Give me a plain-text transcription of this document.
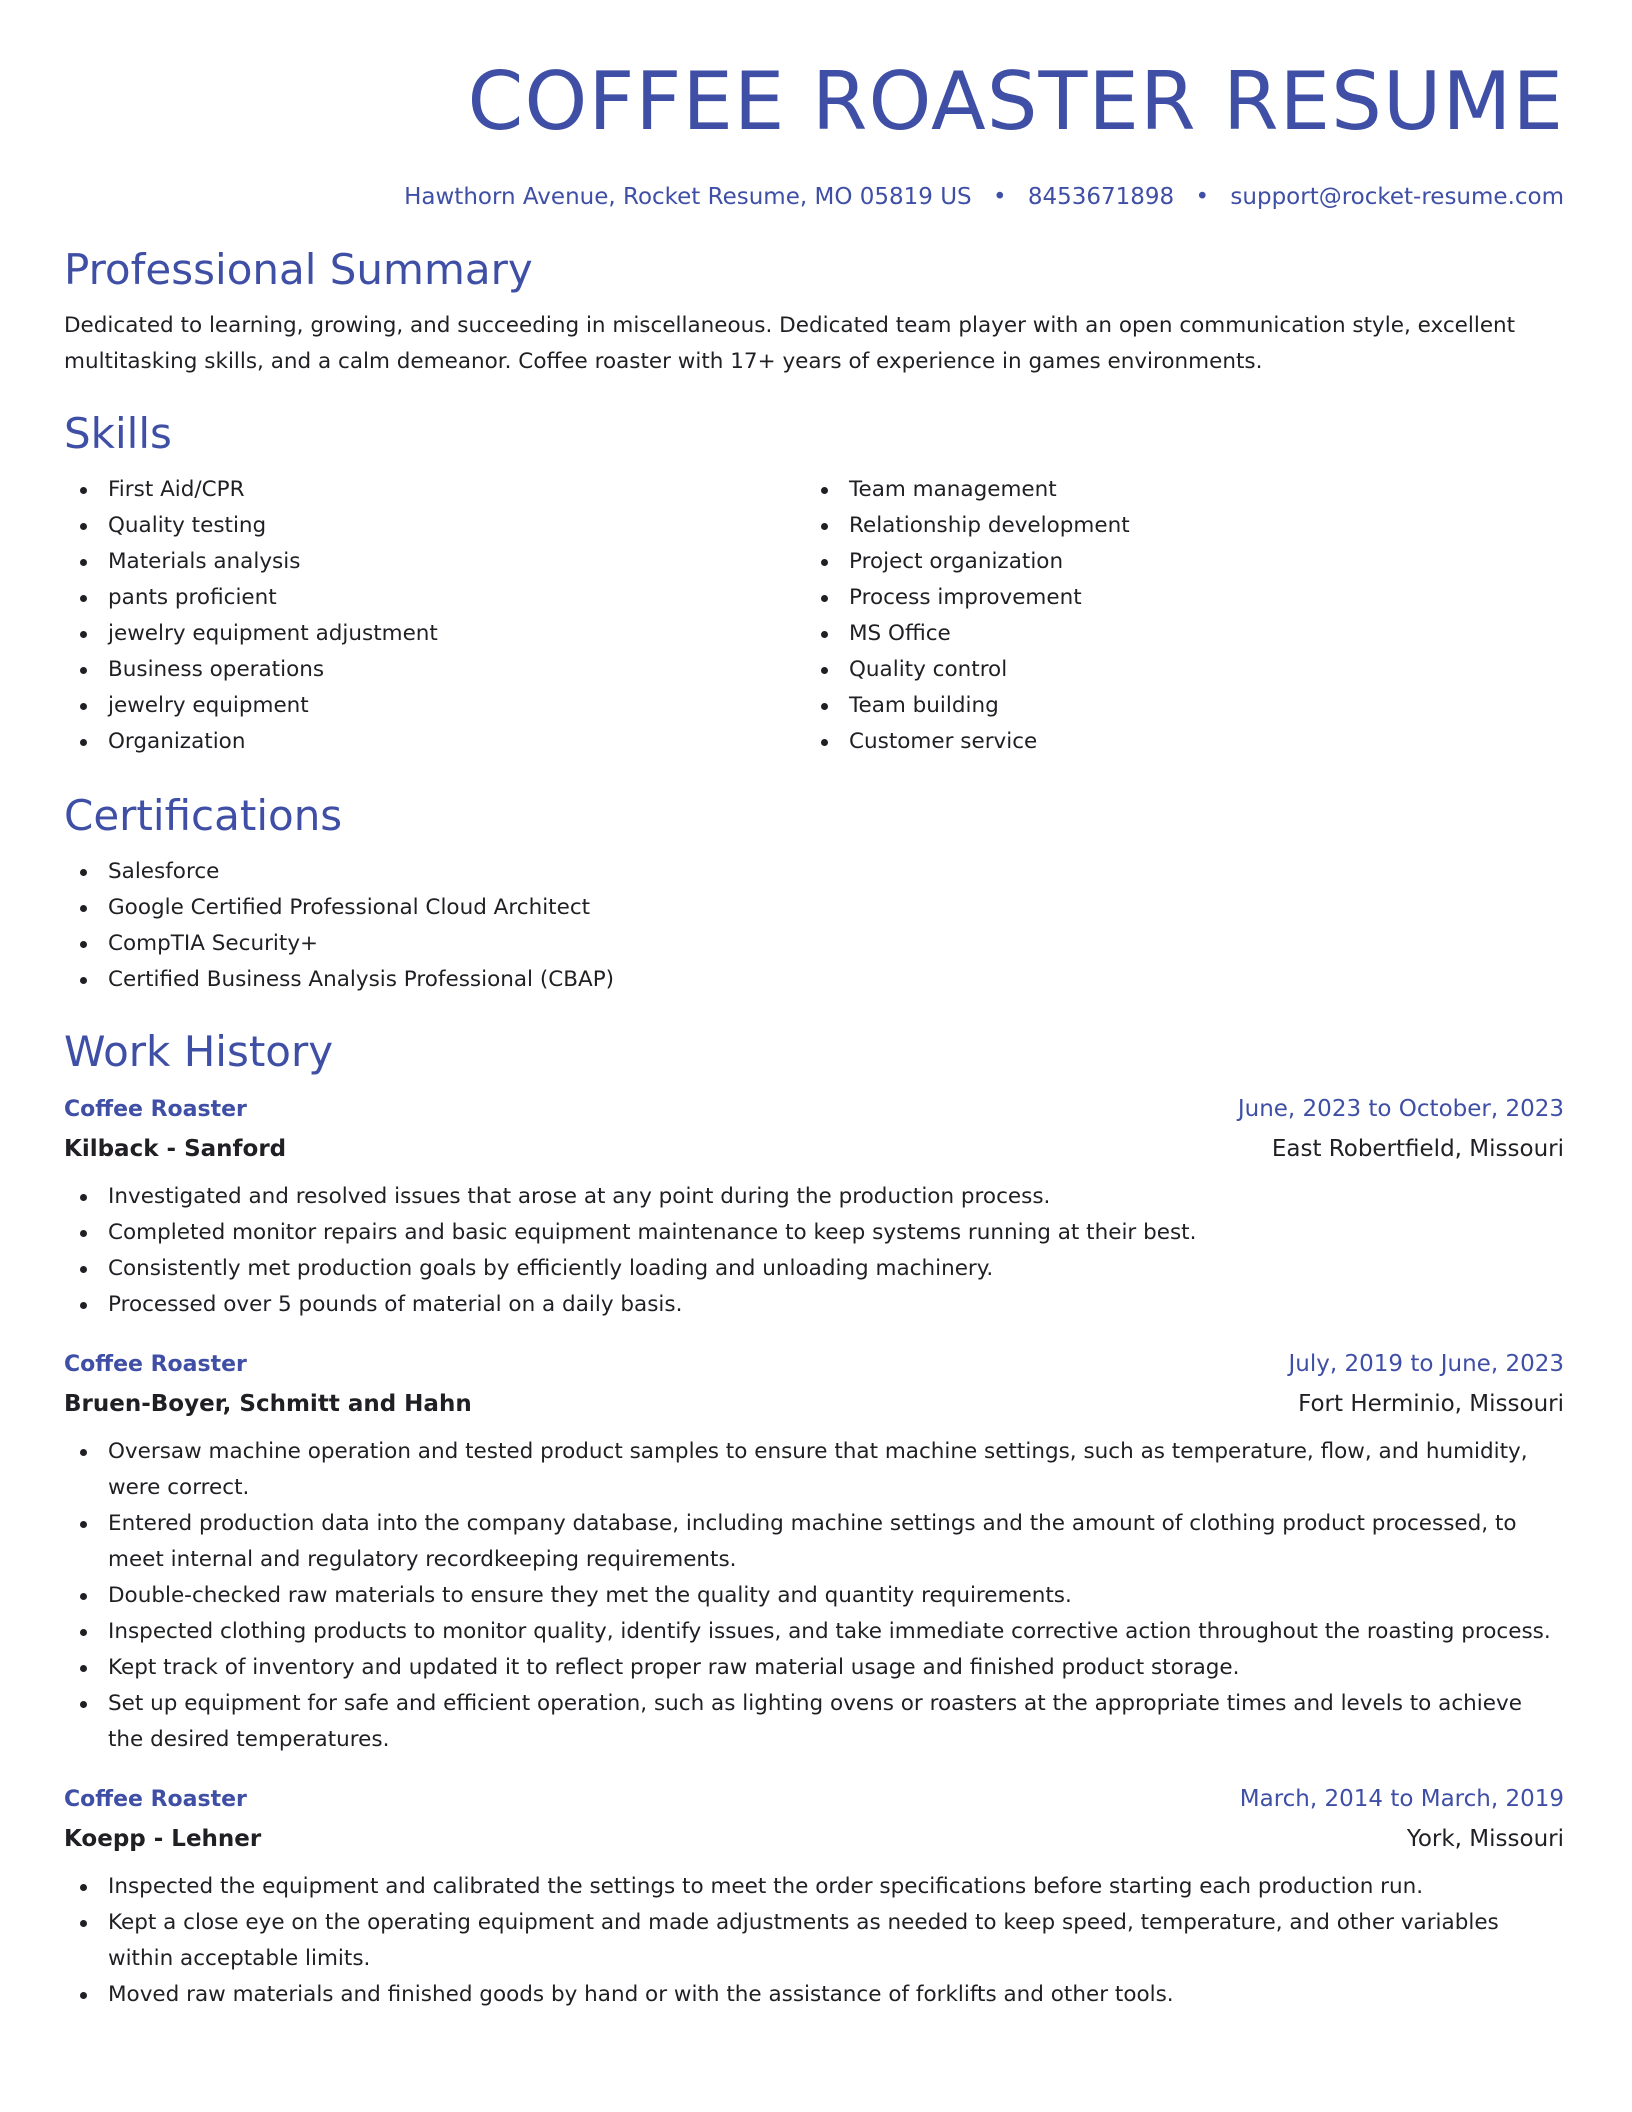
COFFEE ROASTER RESUME
Hawthorn Avenue, Rocket Resume, MO 05819 US • 8453671898 • support@rocket-resume.com
Professional Summary

Dedicated to learning, growing, and succeeding in miscellaneous. Dedicated team player with an open communication style, excellent multitasking skills, and a calm demeanor. Coffee roaster with 17+ years of experience in games environments.

Skills
First Aid/CPR
Quality testing
Materials analysis
pants proficient
jewelry equipment adjustment
Business operations
jewelry equipment
Organization
Team management
Relationship development
Project organization
Process improvement
MS Office
Quality control
Team building
Customer service
Certifications
Salesforce
Google Certified Professional Cloud Architect
CompTIA Security+
Certified Business Analysis Professional (CBAP)
Work History
Coffee Roaster	June, 2023 to October, 2023
Kilback - Sanford	East Robertfield, Missouri
Investigated and resolved issues that arose at any point during the production process.
Completed monitor repairs and basic equipment maintenance to keep systems running at their best.
Consistently met production goals by efficiently loading and unloading machinery.
Processed over 5 pounds of material on a daily basis.
Coffee Roaster	July, 2019 to June, 2023
Bruen-Boyer, Schmitt and Hahn	Fort Herminio, Missouri
Oversaw machine operation and tested product samples to ensure that machine settings, such as temperature, flow, and humidity, were correct.
Entered production data into the company database, including machine settings and the amount of clothing product processed, to meet internal and regulatory recordkeeping requirements.
Double-checked raw materials to ensure they met the quality and quantity requirements.
Inspected clothing products to monitor quality, identify issues, and take immediate corrective action throughout the roasting process.
Kept track of inventory and updated it to reflect proper raw material usage and finished product storage.
Set up equipment for safe and efficient operation, such as lighting ovens or roasters at the appropriate times and levels to achieve the desired temperatures.
Coffee Roaster	March, 2014 to March, 2019
Koepp - Lehner	York, Missouri
Inspected the equipment and calibrated the settings to meet the order specifications before starting each production run.
Kept a close eye on the operating equipment and made adjustments as needed to keep speed, temperature, and other variables within acceptable limits.
Moved raw materials and finished goods by hand or with the assistance of forklifts and other tools.
